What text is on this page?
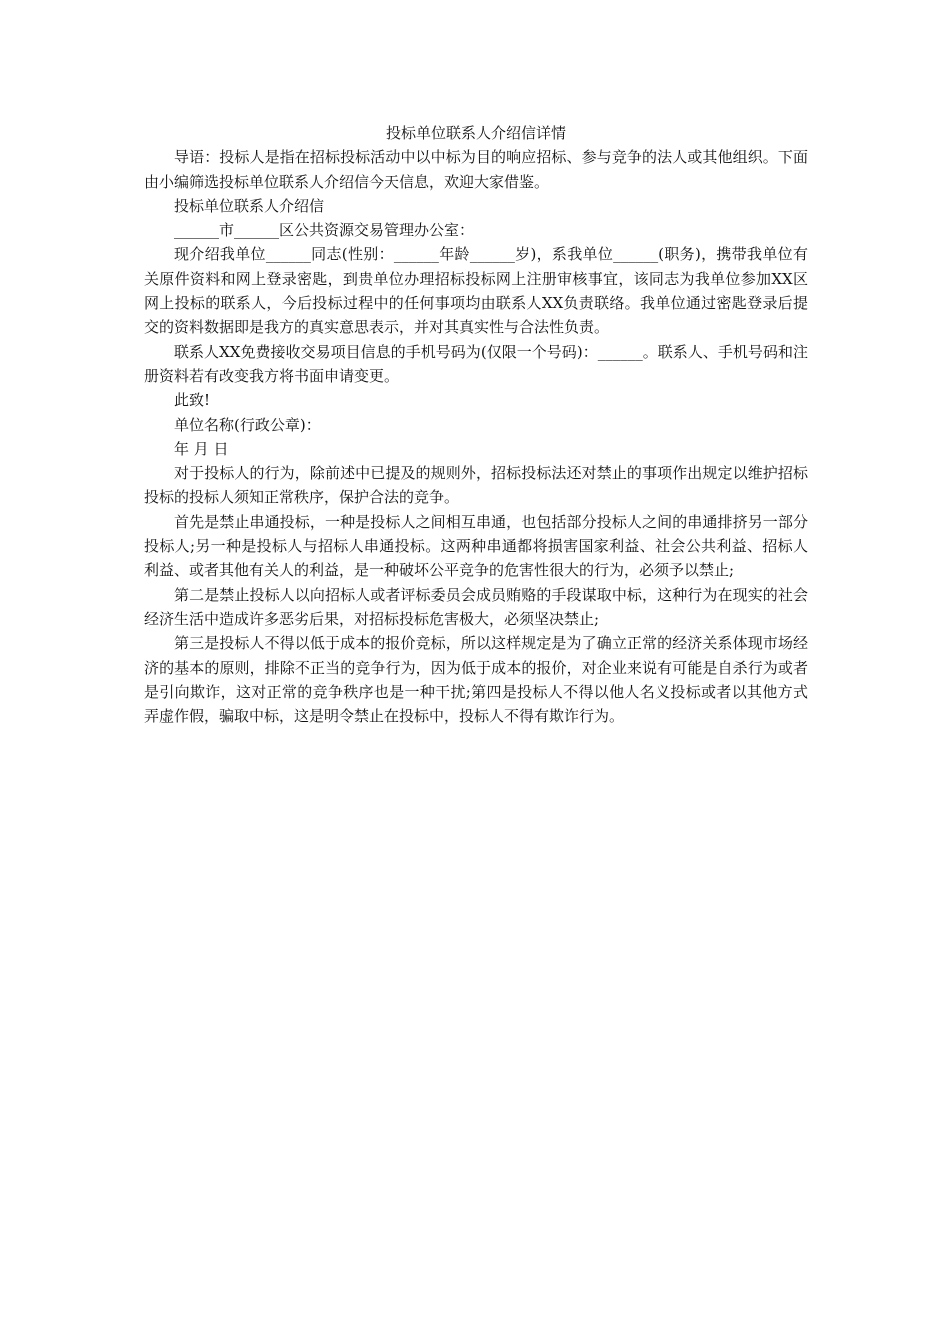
投标单位联系人介绍信详情

导语：投标人是指在招标投标活动中以中标为目的响应招标、参与竞争的法人或其他组织。下面由小编筛选投标单位联系人介绍信今天信息，欢迎大家借鉴。

投标单位联系人介绍信

______市______区公共资源交易管理办公室：

现介绍我单位______同志(性别：______年龄______岁)，系我单位______(职务)，携带我单位有关原件资料和网上登录密匙，到贵单位办理招标投标网上注册审核事宜，该同志为我单位参加XX区网上投标的联系人，今后投标过程中的任何事项均由联系人XX负责联络。我单位通过密匙登录后提交的资料数据即是我方的真实意思表示，并对其真实性与合法性负责。

联系人XX免费接收交易项目信息的手机号码为(仅限一个号码)：______。联系人、手机号码和注册资料若有改变我方将书面申请变更。

此致!

单位名称(行政公章)：

年 月 日

对于投标人的行为，除前述中已提及的规则外，招标投标法还对禁止的事项作出规定以维护招标投标的投标人须知正常秩序，保护合法的竞争。

首先是禁止串通投标，一种是投标人之间相互串通，也包括部分投标人之间的串通排挤另一部分投标人;另一种是投标人与招标人串通投标。这两种串通都将损害国家利益、社会公共利益、招标人利益、或者其他有关人的利益，是一种破坏公平竞争的危害性很大的行为，必须予以禁止;

第二是禁止投标人以向招标人或者评标委员会成员贿赂的手段谋取中标，这种行为在现实的社会经济生活中造成许多恶劣后果，对招标投标危害极大，必须坚决禁止;

第三是投标人不得以低于成本的报价竞标，所以这样规定是为了确立正常的经济关系体现市场经济的基本的原则，排除不正当的竞争行为，因为低于成本的报价，对企业来说有可能是自杀行为或者是引向欺诈，这对正常的竞争秩序也是一种干扰;第四是投标人不得以他人名义投标或者以其他方式弄虚作假，骗取中标，这是明令禁止在投标中，投标人不得有欺诈行为。
